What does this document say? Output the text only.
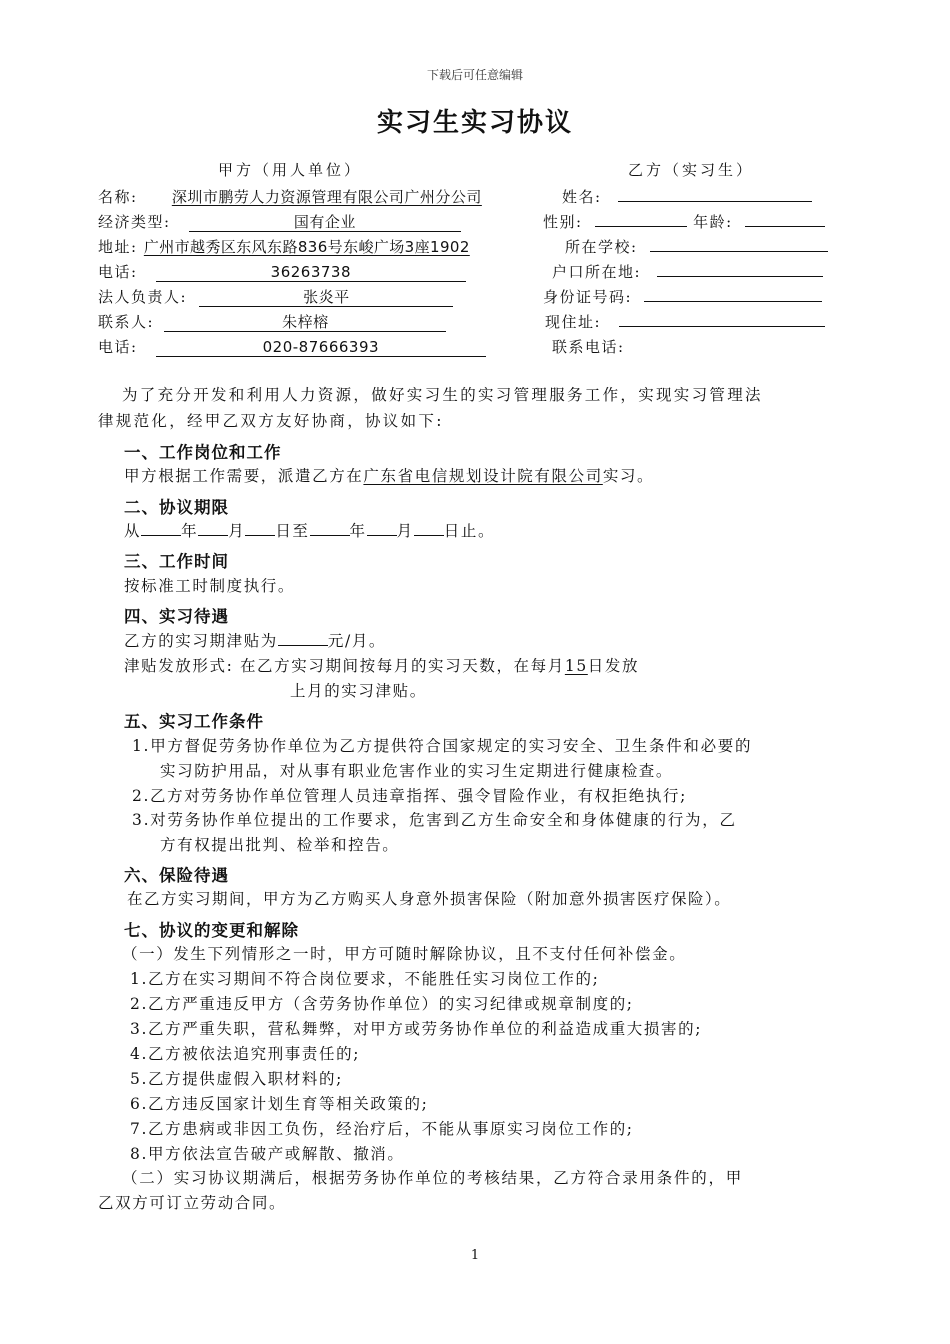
下载后可任意编辑
实习生实习协议
甲方（用人单位）	乙方（实习生）
名称: 深圳市鹏劳人力资源管理有限公司广州分公司
经济类型:	国有企业
地址: 广州市越秀区东风东路836号东峻广场3座1902
电话:	36263738
法人负责人:	张炎平
联系人:	朱梓榕
电话:	020-87666393
姓名:
性别:	年龄:
所在学校:
户口所在地:
身份证号码:
现住址:
联系电话:
为了充分开发和利用人力资源，做好实习生的实习管理服务工作，实现实习管理法
律规范化，经甲乙双方友好协商，协议如下:
一、工作岗位和工作
甲方根据工作需要，派遣乙方在广东省电信规划设计院有限公司实习。
二、协议期限
从	年 月 日至	年 月 日止。
三、工作时间
按标准工时制度执行。
四、实习待遇
乙方的实习期津贴为	元/月。
津贴发放形式: 在乙方实习期间按每月的实习天数，在每月15日发放
上月的实习津贴。
五、实习工作条件
1.甲方督促劳务协作单位为乙方提供符合国家规定的实习安全、卫生条件和必要的
实习防护用品，对从事有职业危害作业的实习生定期进行健康检查。
2.乙方对劳务协作单位管理人员违章指挥、强令冒险作业，有权拒绝执行;
3.对劳务协作单位提出的工作要求，危害到乙方生命安全和身体健康的行为，乙
方有权提出批判、检举和控告。
六、保险待遇
在乙方实习期间，甲方为乙方购买人身意外损害保险（附加意外损害医疗保险）。
七、协议的变更和解除
（一）发生下列情形之一时，甲方可随时解除协议，且不支付任何补偿金。
1.乙方在实习期间不符合岗位要求，不能胜任实习岗位工作的;
2.乙方严重违反甲方（含劳务协作单位）的实习纪律或规章制度的;
3.乙方严重失职，营私舞弊，对甲方或劳务协作单位的利益造成重大损害的;
4.乙方被依法追究刑事责任的;
5.乙方提供虚假入职材料的;
6.乙方违反国家计划生育等相关政策的;
7.乙方患病或非因工负伤，经治疗后，不能从事原实习岗位工作的;
8.甲方依法宣告破产或解散、撤消。
（二）实习协议期满后，根据劳务协作单位的考核结果，乙方符合录用条件的，甲
乙双方可订立劳动合同。
1
